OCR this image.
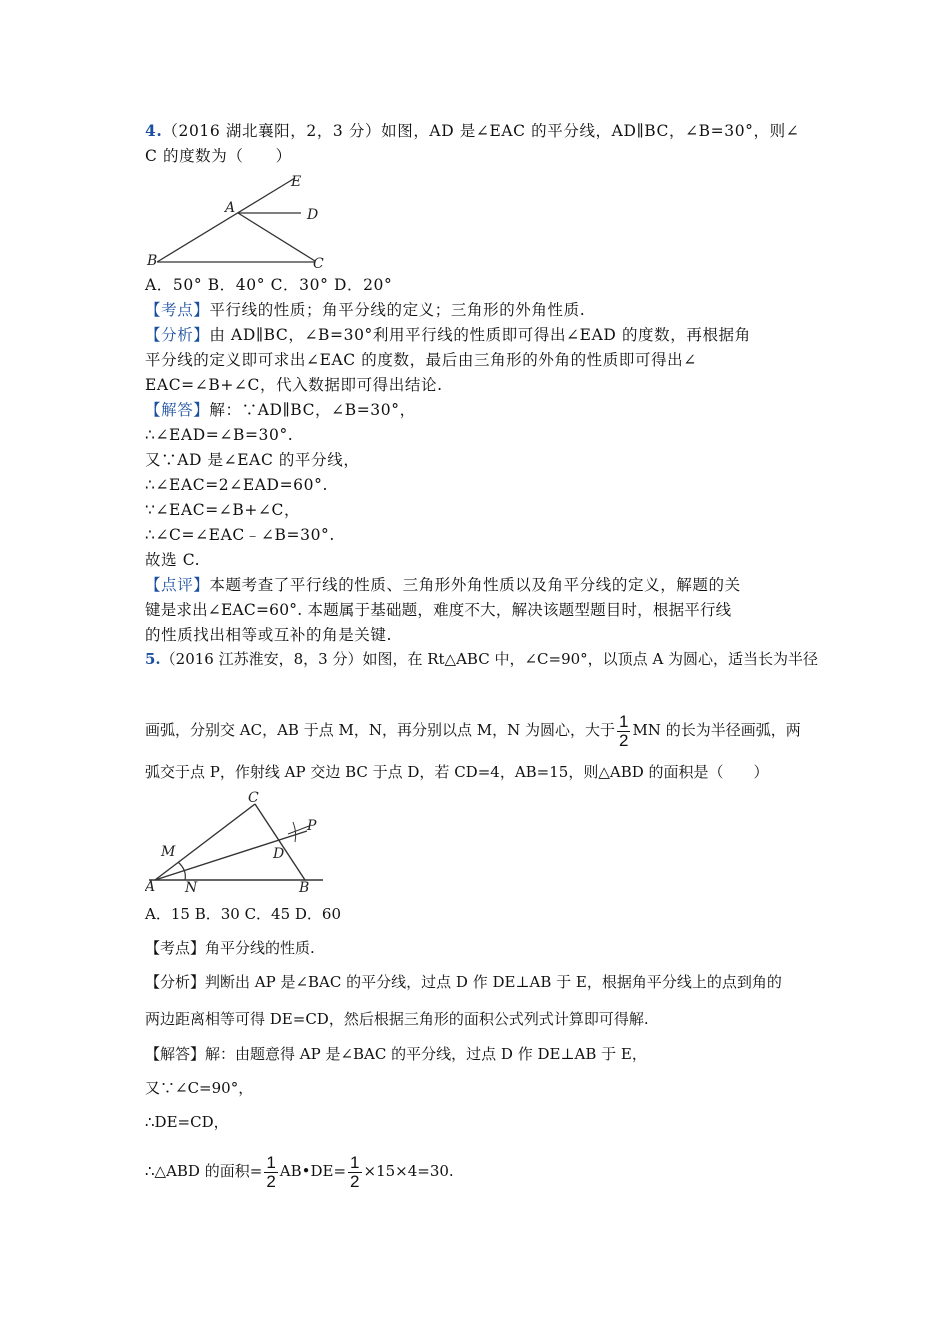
4.（2016 湖北襄阳，2，3 分）如图，AD 是∠EAC 的平分线，AD∥BC，∠B=30°，则∠
C 的度数为（　　）
E
A	D
B	C
A．50° B．40° C．30° D．20°
【考点】平行线的性质；角平分线的定义；三角形的外角性质.
【分析】由 AD∥BC，∠B=30°利用平行线的性质即可得出∠EAD 的度数，再根据角
平分线的定义即可求出∠EAC 的度数，最后由三角形的外角的性质即可得出∠
EAC=∠B+∠C，代入数据即可得出结论.
【解答】解：∵AD∥BC，∠B=30°，
∴∠EAD=∠B=30°.
又∵AD 是∠EAC 的平分线，
∴∠EAC=2∠EAD=60°.
∵∠EAC=∠B+∠C，
∴∠C=∠EAC﹣∠B=30°.
故选 C.
【点评】本题考查了平行线的性质、三角形外角性质以及角平分线的定义，解题的关
键是求出∠EAC=60°. 本题属于基础题，难度不大，解决该题型题目时，根据平行线
的性质找出相等或互补的角是关键.
5.（2016 江苏淮安，8，3 分）如图，在 Rt△ABC 中，∠C=90°，以顶点 A 为圆心，适当长为半径
画弧，分别交 AC，AB 于点 M，N，再分别以点 M，N 为圆心，大于 $\frac{1}{2}$ MN 的长为半径画弧，两
弧交于点 P，作射线 AP 交边 BC 于点 D，若 CD=4，AB=15，则△ABD 的面积是（　　）
C
P
M	D
A N	B
A．15 B．30 C．45 D．60
【考点】角平分线的性质.
【分析】判断出 AP 是∠BAC 的平分线，过点 D 作 DE⊥AB 于 E，根据角平分线上的点到角的
两边距离相等可得 DE=CD，然后根据三角形的面积公式列式计算即可得解.
【解答】解：由题意得 AP 是∠BAC 的平分线，过点 D 作 DE⊥AB 于 E，
又∵∠C=90°，
∴DE=CD，
∴△ABD 的面积= $\frac{1}{2}$ AB•DE= $\frac{1}{2} \times 15\times 4=30$.
